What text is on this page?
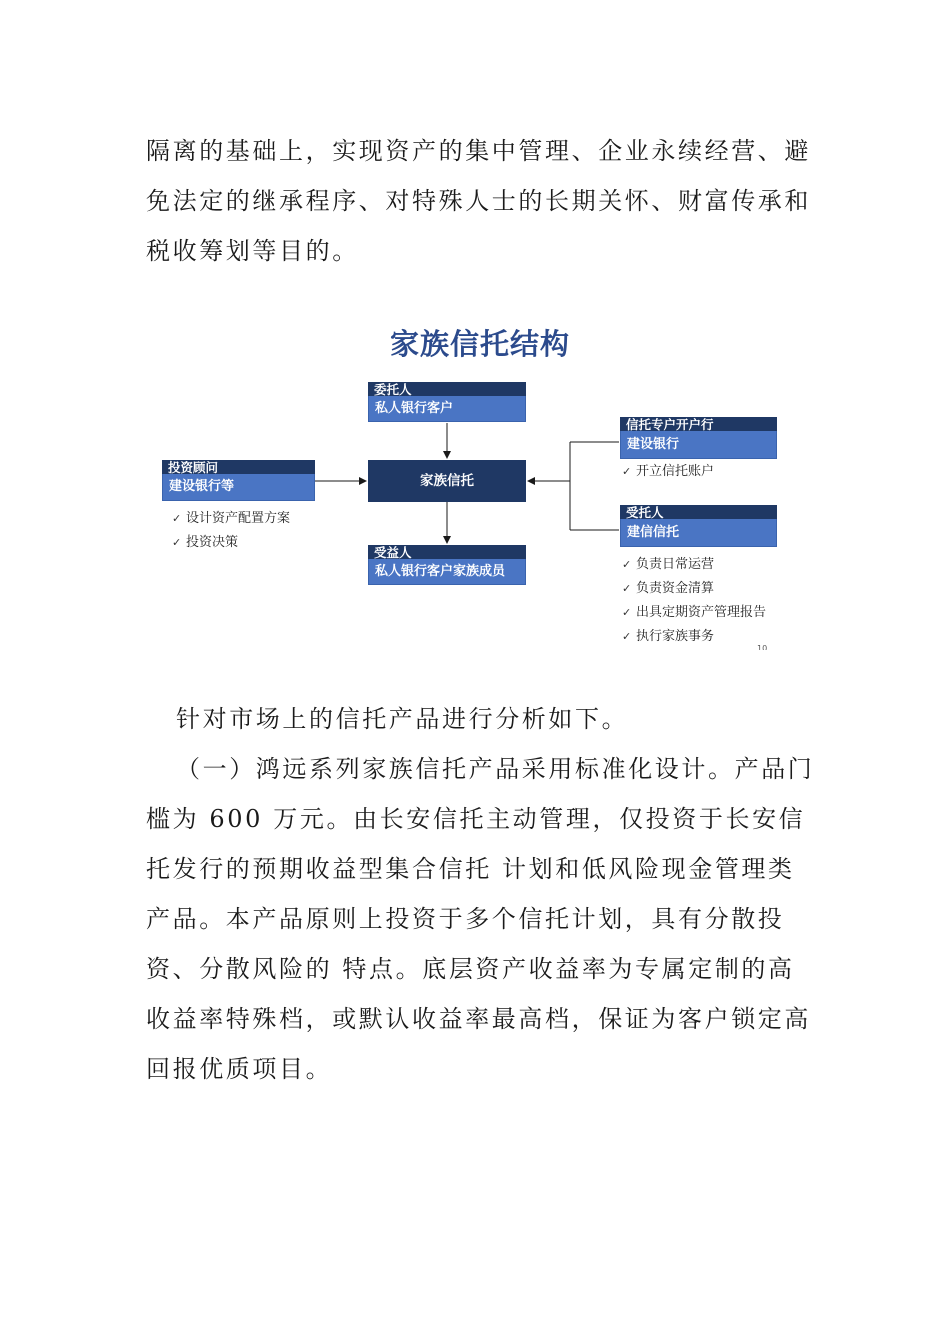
隔离的基础上，实现资产的集中管理、企业永续经营、避免法定的继承程序、对特殊人士的长期关怀、财富传承和税收筹划等目的。

家族信托结构
委托人
私人银行客户
家族信托
受益人
私人银行客户家族成员
投资顾问
建设银行等
✓ 设计资产配置方案
✓ 投资决策
信托专户开户行
建设银行
✓ 开立信托账户
受托人
建信信托
✓ 负责日常运营
✓ 负责资金清算
✓ 出具定期资产管理报告
✓ 执行家族事务
10

针对市场上的信托产品进行分析如下。

（一）鸿远系列家族信托产品采用标准化设计。产品门槛为 600 万元。由长安信托主动管理，仅投资于长安信托发行的预期收益型集合信托 计划和低风险现金管理类产品。本产品原则上投资于多个信托计划，具有分散投资、分散风险的 特点。底层资产收益率为专属定制的高收益率特殊档，或默认收益率最高档，保证为客户锁定高回报优质项目。
